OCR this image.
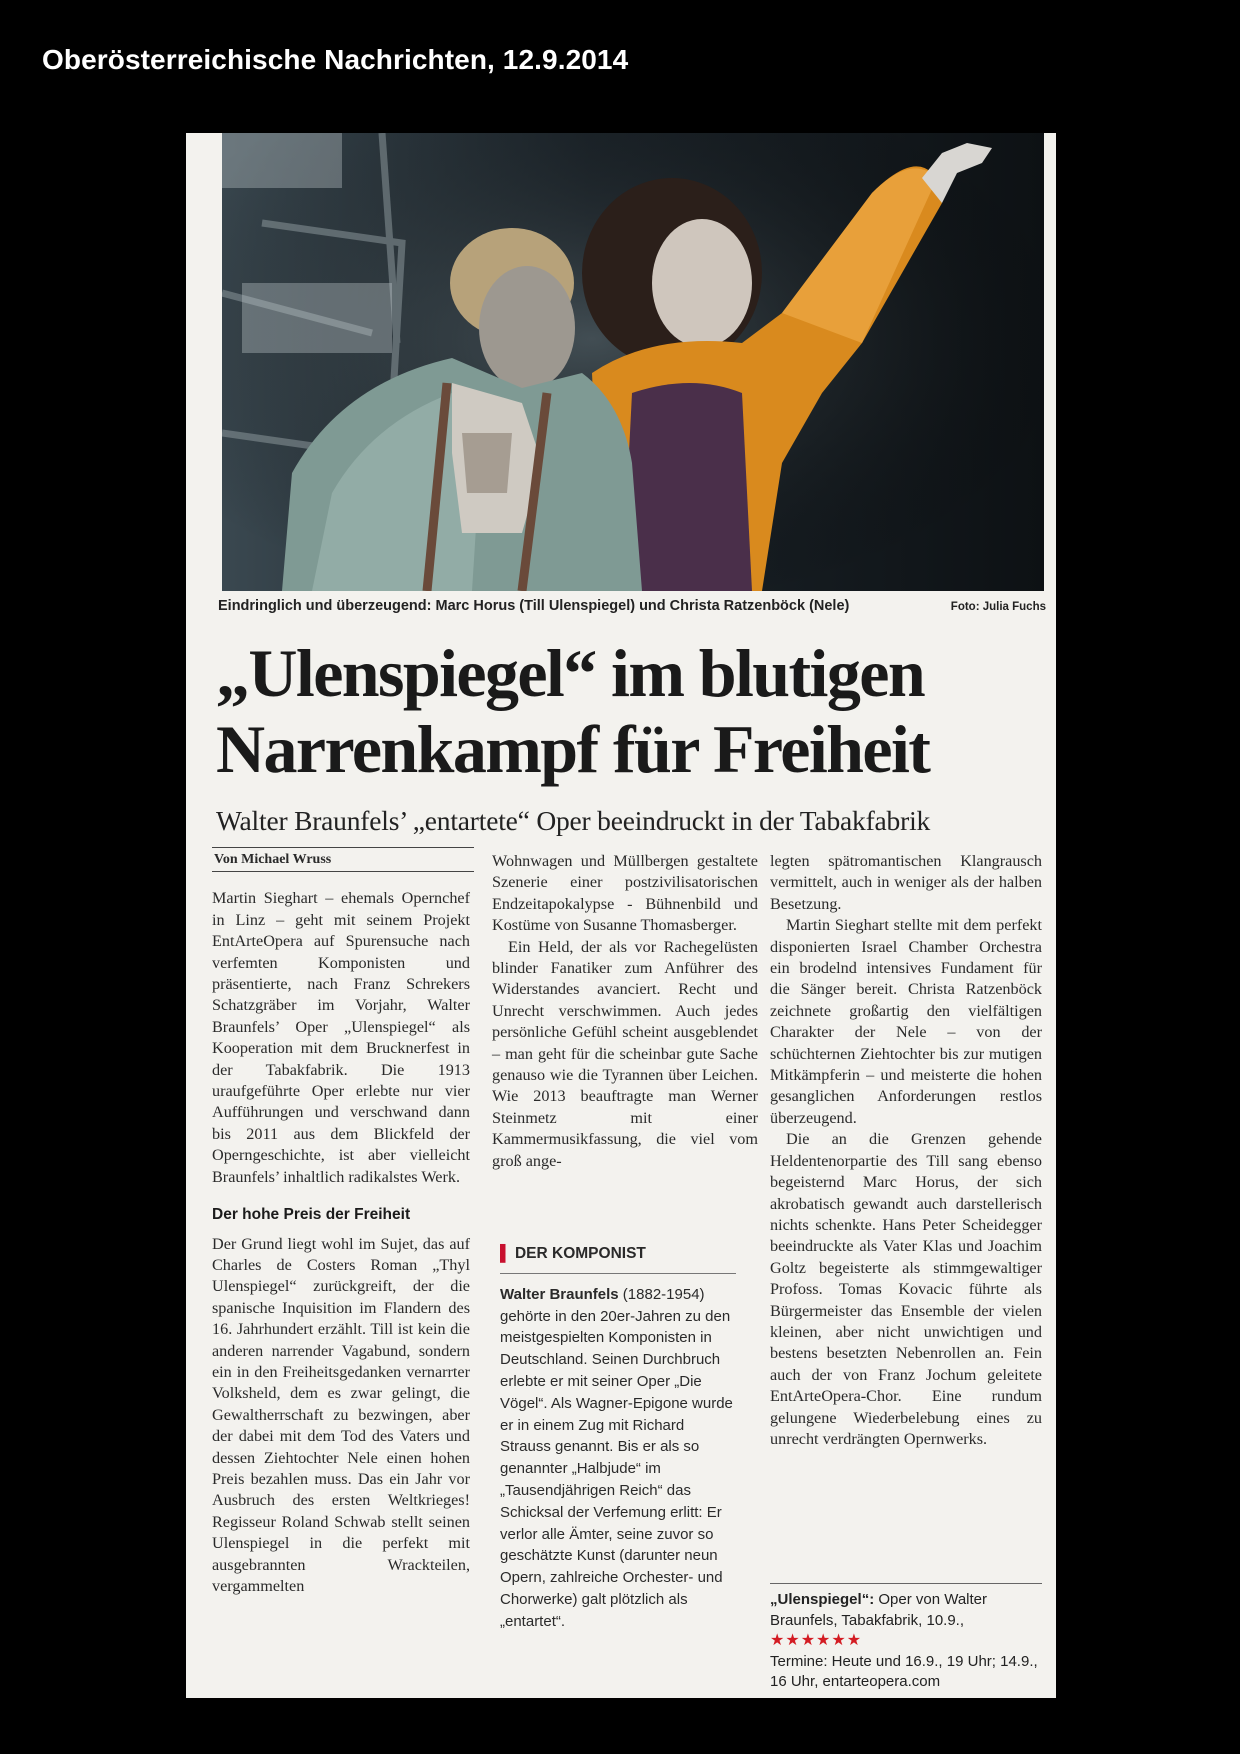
Oberösterreichische Nachrichten, 12.9.2014
Eindringlich und überzeugend: Marc Horus (Till Ulenspiegel) und Christa Ratzenböck (Nele)	Foto: Julia Fuchs
„Ulenspiegel“ im blutigen
Narrenkampf für Freiheit
Walter Braunfels’ „entartete“ Oper beeindruckt in der Tabakfabrik
Von Michael Wruss

Martin Sieghart – ehemals Opernchef in Linz – geht mit seinem Projekt EntArteOpera auf Spurensuche nach verfemten Komponisten und präsentierte, nach Franz Schrekers Schatzgräber im Vorjahr, Walter Braunfels’ Oper „Ulenspiegel“ als Kooperation mit dem Brucknerfest in der Tabakfabrik. Die 1913 uraufgeführte Oper erlebte nur vier Aufführungen und verschwand dann bis 2011 aus dem Blickfeld der Operngeschichte, ist aber vielleicht Braunfels’ inhaltlich radikalstes Werk.

Der hohe Preis der Freiheit

Der Grund liegt wohl im Sujet, das auf Charles de Costers Roman „Thyl Ulenspiegel“ zurückgreift, der die spanische Inquisition im Flandern des 16. Jahrhundert erzählt. Till ist kein die anderen narrender Vagabund, sondern ein in den Freiheitsgedanken vernarrter Volksheld, dem es zwar gelingt, die Gewaltherrschaft zu bezwingen, aber der dabei mit dem Tod des Vaters und dessen Ziehtochter Nele einen hohen Preis bezahlen muss. Das ein Jahr vor Ausbruch des ersten Weltkrieges! Regisseur Roland Schwab stellt seinen Ulenspiegel in die perfekt mit ausgebrannten Wrackteilen, vergammelten

Wohnwagen und Müllbergen gestaltete Szenerie einer postzivilisatorischen Endzeitapokalypse - Bühnenbild und Kostüme von Susanne Thomasberger.

Ein Held, der als vor Rachegelüsten blinder Fanatiker zum Anführer des Widerstandes avanciert. Recht und Unrecht verschwimmen. Auch jedes persönliche Gefühl scheint ausgeblendet – man geht für die scheinbar gute Sache genauso wie die Tyrannen über Leichen. Wie 2013 beauftragte man Werner Steinmetz mit einer Kammermusikfassung, die viel vom groß ange-

▌ DER KOMPONIST
Walter Braunfels (1882-1954) gehörte in den 20er-Jahren zu den meistgespielten Komponisten in Deutschland. Seinen Durchbruch erlebte er mit seiner Oper „Die Vögel“. Als Wagner-Epigone wurde er in einem Zug mit Richard Strauss genannt. Bis er als so genannter „Halbjude“ im „Tausendjährigen Reich“ das Schicksal der Verfemung erlitt: Er verlor alle Ämter, seine zuvor so geschätzte Kunst (darunter neun Opern, zahlreiche Orchester- und Chorwerke) galt plötzlich als „entartet“.

legten spätromantischen Klangrausch vermittelt, auch in weniger als der halben Besetzung.

Martin Sieghart stellte mit dem perfekt disponierten Israel Chamber Orchestra ein brodelnd intensives Fundament für die Sänger bereit. Christa Ratzenböck zeichnete großartig den vielfältigen Charakter der Nele – von der schüchternen Ziehtochter bis zur mutigen Mitkämpferin – und meisterte die hohen gesanglichen Anforderungen restlos überzeugend.

Die an die Grenzen gehende Heldentenorpartie des Till sang ebenso begeisternd Marc Horus, der sich akrobatisch gewandt auch darstellerisch nichts schenkte. Hans Peter Scheidegger beeindruckte als Vater Klas und Joachim Goltz begeisterte als stimmgewaltiger Profoss. Tomas Kovacic führte als Bürgermeister das Ensemble der vielen kleinen, aber nicht unwichtigen und bestens besetzten Nebenrollen an. Fein auch der von Franz Jochum geleitete EntArteOpera-Chor. Eine rundum gelungene Wiederbelebung eines zu unrecht verdrängten Opernwerks.

„Ulenspiegel“: Oper von Walter Braunfels, Tabakfabrik, 10.9.,
★★★★★★
Termine: Heute und 16.9., 19 Uhr; 14.9., 16 Uhr, entarteopera.com
